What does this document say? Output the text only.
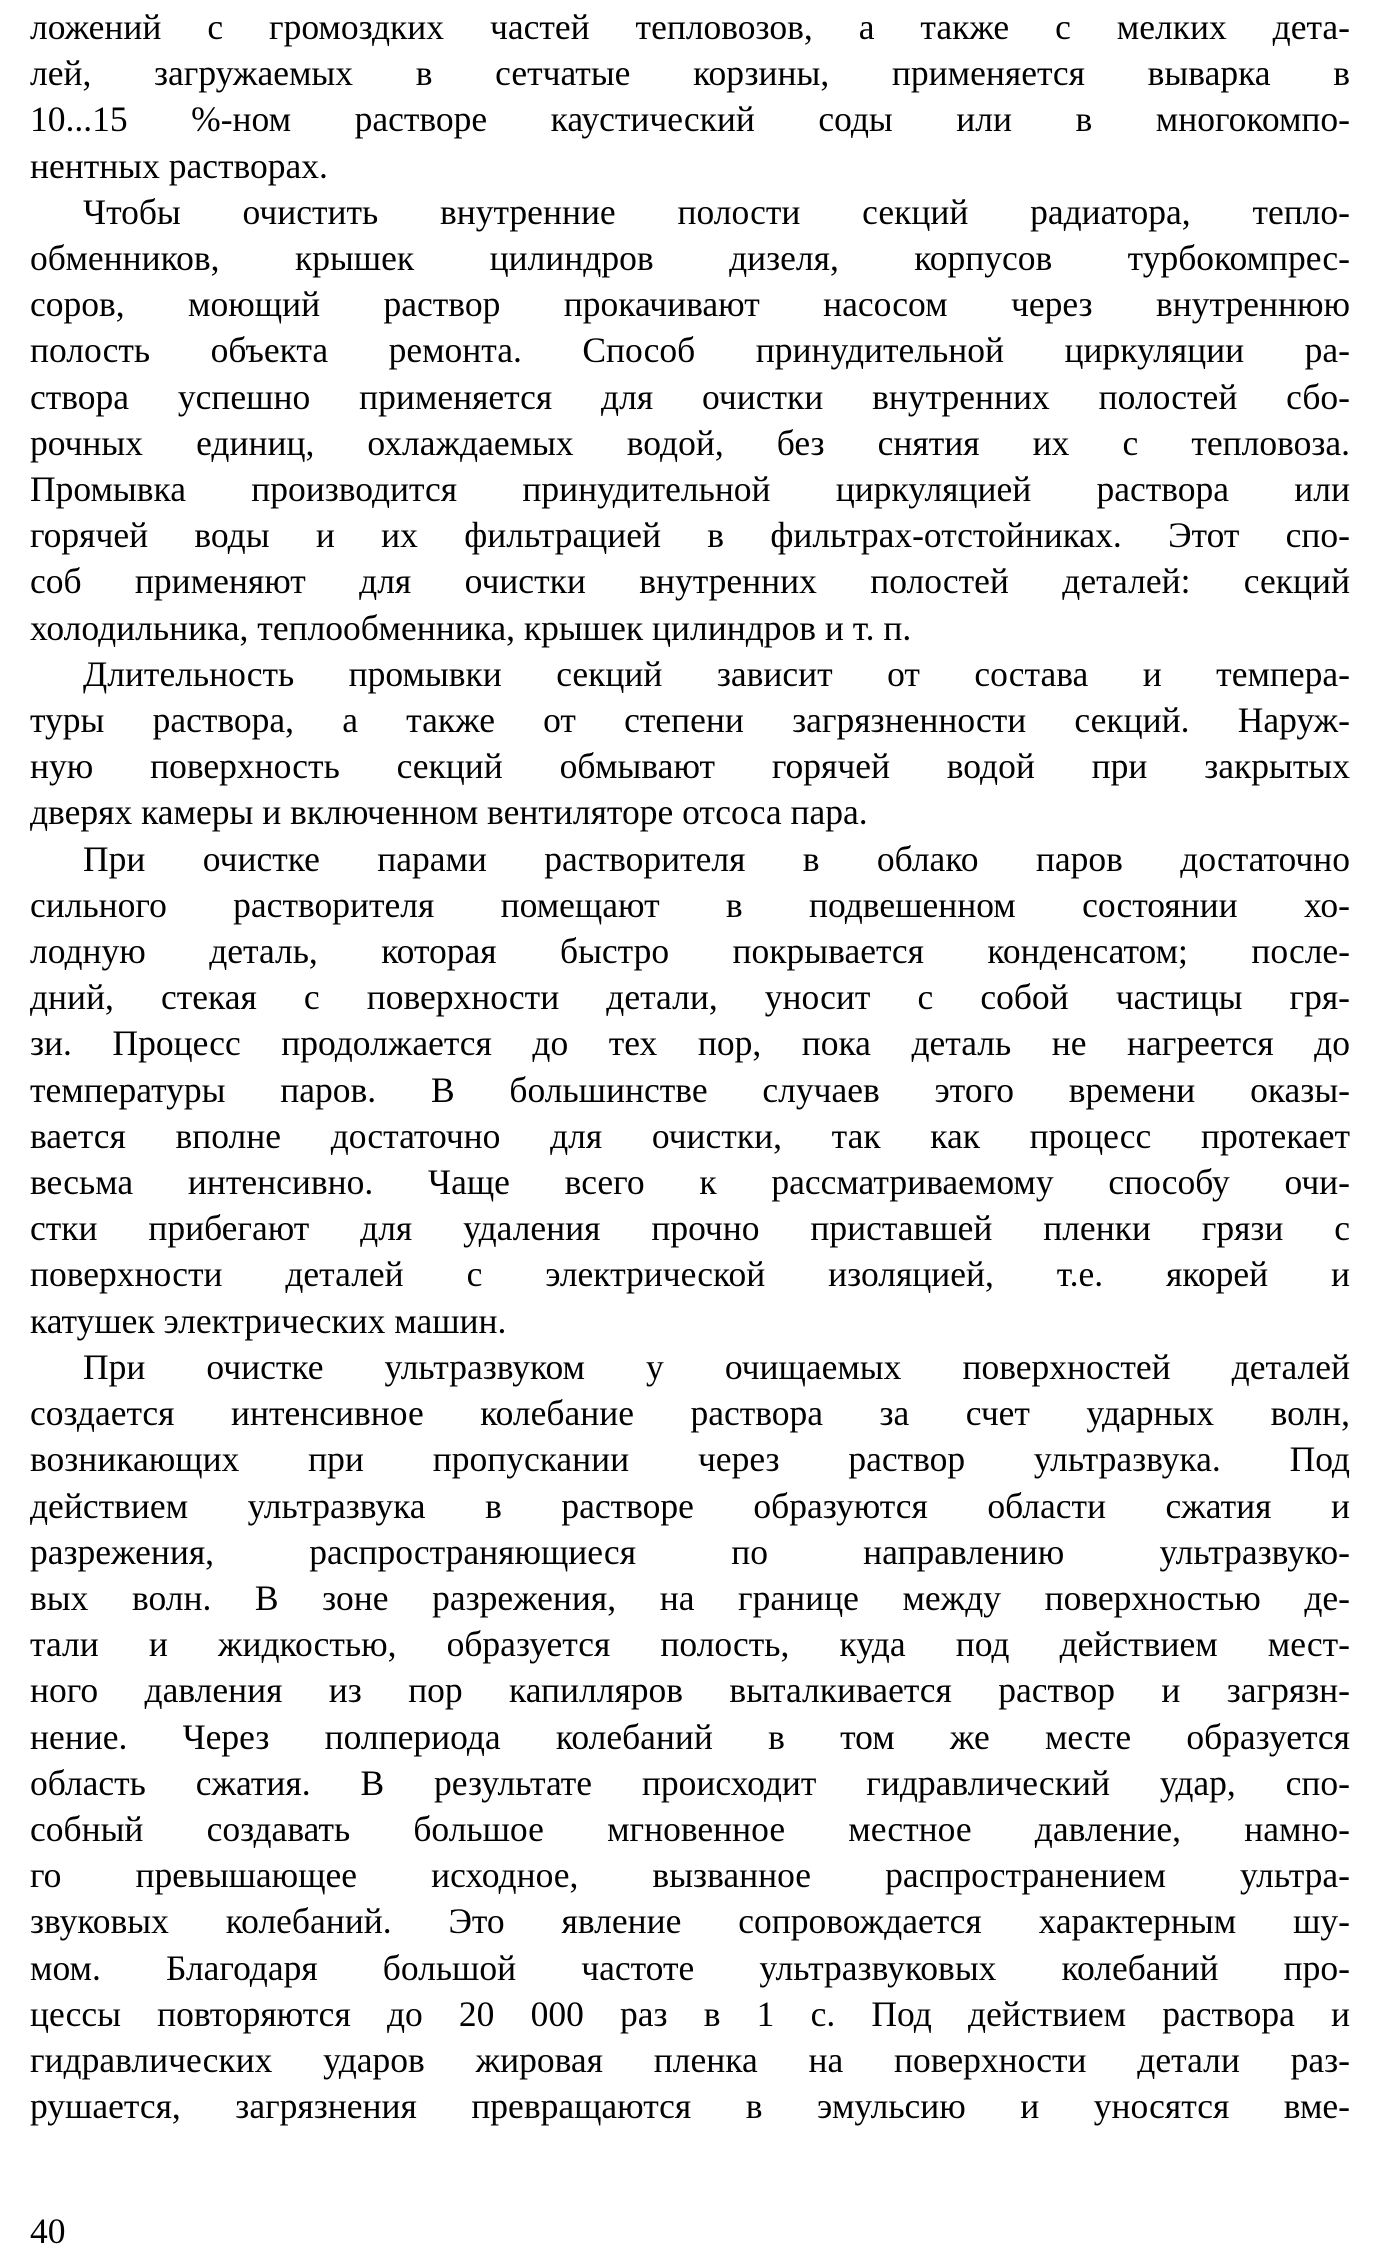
ложений с громоздких частей тепловозов, а также с мелких дета-
лей, загружаемых в сетчатые корзины, применяется выварка в
10...15 %-ном растворе каустический соды или в многокомпо-
нентных растворах.
Чтобы очистить внутренние полости секций радиатора, тепло-
обменников, крышек цилиндров дизеля, корпусов турбокомпрес-
соров, моющий раствор прокачивают насосом через внутреннюю
полость объекта ремонта. Способ принудительной циркуляции ра-
створа успешно применяется для очистки внутренних полостей сбо-
рочных единиц, охлаждаемых водой, без снятия их с тепловоза.
Промывка производится принудительной циркуляцией раствора или
горячей воды и их фильтрацией в фильтрах-отстойниках. Этот спо-
соб применяют для очистки внутренних полостей деталей: секций
холодильника, теплообменника, крышек цилиндров и т. п.
Длительность промывки секций зависит от состава и темпера-
туры раствора, а также от степени загрязненности секций. Наруж-
ную поверхность секций обмывают горячей водой при закрытых
дверях камеры и включенном вентиляторе отсоса пара.
При очистке парами растворителя в облако паров достаточно
сильного растворителя помещают в подвешенном состоянии хо-
лодную деталь, которая быстро покрывается конденсатом; после-
дний, стекая с поверхности детали, уносит с собой частицы гря-
зи. Процесс продолжается до тех пор, пока деталь не нагреется до
температуры паров. В большинстве случаев этого времени оказы-
вается вполне достаточно для очистки, так как процесс протекает
весьма интенсивно. Чаще всего к рассматриваемому способу очи-
стки прибегают для удаления прочно приставшей пленки грязи с
поверхности деталей с электрической изоляцией, т.е. якорей и
катушек электрических машин.
При очистке ультразвуком у очищаемых поверхностей деталей
создается интенсивное колебание раствора за счет ударных волн,
возникающих при пропускании через раствор ультразвука. Под
действием ультразвука в растворе образуются области сжатия и
разрежения, распространяющиеся по направлению ультразвуко-
вых волн. В зоне разрежения, на границе между поверхностью де-
тали и жидкостью, образуется полость, куда под действием мест-
ного давления из пор капилляров выталкивается раствор и загрязн-
нение. Через полпериода колебаний в том же месте образуется
область сжатия. В результате происходит гидравлический удар, спо-
собный создавать большое мгновенное местное давление, намно-
го превышающее исходное, вызванное распространением ультра-
звуковых колебаний. Это явление сопровождается характерным шу-
мом. Благодаря большой частоте ультразвуковых колебаний про-
цессы повторяются до 20 000 раз в 1 с. Под действием раствора и
гидравлических ударов жировая пленка на поверхности детали раз-
рушается, загрязнения превращаются в эмульсию и уносятся вме-
40
